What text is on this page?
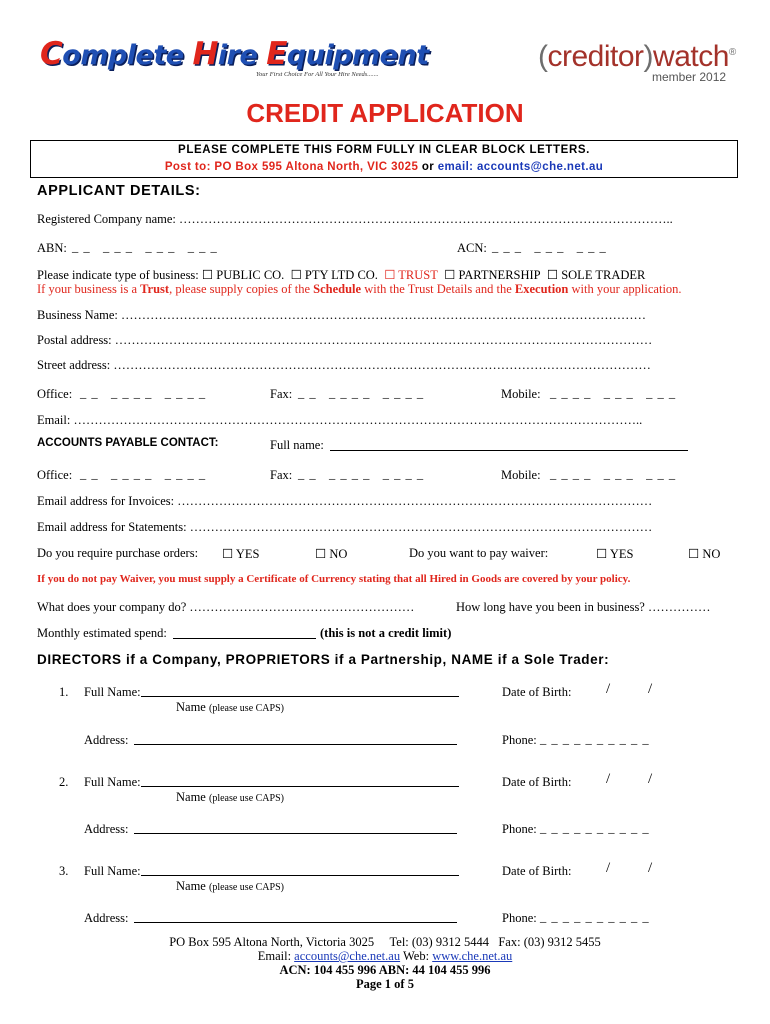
Complete Hire Equipment
Your First Choice For All Your Hire Needs.......
(creditor)watch®
member 2012
CREDIT APPLICATION
PLEASE COMPLETE THIS FORM FULLY IN CLEAR BLOCK LETTERS.
Post to: PO Box 595 Altona North, VIC 3025 or email: accounts@che.net.au
APPLICANT DETAILS:
Registered Company name: ………………………………………………………………………………………………………..
ABN: _ _   _ _ _   _ _ _   _ _ _	ACN: _ _ _   _ _ _   _ _ _
Please indicate type of business: ☐ PUBLIC CO. ☐ PTY LTD CO. ☐ TRUST ☐ PARTNERSHIP ☐ SOLE TRADER
If your business is a Trust, please supply copies of the Schedule with the Trust Details and the Execution with your application.
Business Name: ………………………………………………………………………………………………………………
Postal address: …………………………………………………………………………………………………………………
Street address: …………………………………………………………………………………………………………………
Office: _ _   _ _ _ _   _ _ _ _	Fax: _ _   _ _ _ _   _ _ _ _	Mobile: _ _ _ _   _ _ _   _ _ _
Email: ………………………………………………………………………………………………………………………..
ACCOUNTS PAYABLE CONTACT:	Full name:
Office: _ _   _ _ _ _   _ _ _ _	Fax: _ _   _ _ _ _   _ _ _ _	Mobile: _ _ _ _   _ _ _   _ _ _
Email address for Invoices: ……………………………………………………………………………………………………
Email address for Statements: …………………………………………………………………………………………………
Do you require purchase orders: ☐ YES	☐ NO	Do you want to pay waiver:	☐ YES	☐ NO
If you do not pay Waiver, you must supply a Certificate of Currency stating that all Hired in Goods are covered by your policy.
What does your company do? ………………………………………………	How long have you been in business? ……………
Monthly estimated spend:	(this is not a credit limit)
DIRECTORS if a Company, PROPRIETORS if a Partnership, NAME if a Sole Trader:
1. Full Name:
Name (please use CAPS)
Date of Birth: /	/
Address:	Phone: _ _ _ _ _ _ _ _ _ _
2. Full Name:
Name (please use CAPS)
Date of Birth: /	/
Address:	Phone: _ _ _ _ _ _ _ _ _ _
3. Full Name:
Name (please use CAPS)
Date of Birth: /	/
Address:	Phone: _ _ _ _ _ _ _ _ _ _
PO Box 595 Altona North, Victoria 3025 Tel: (03) 9312 5444 Fax: (03) 9312 5455
Email: accounts@che.net.au Web: www.che.net.au
ACN: 104 455 996 ABN: 44 104 455 996
Page 1 of 5
